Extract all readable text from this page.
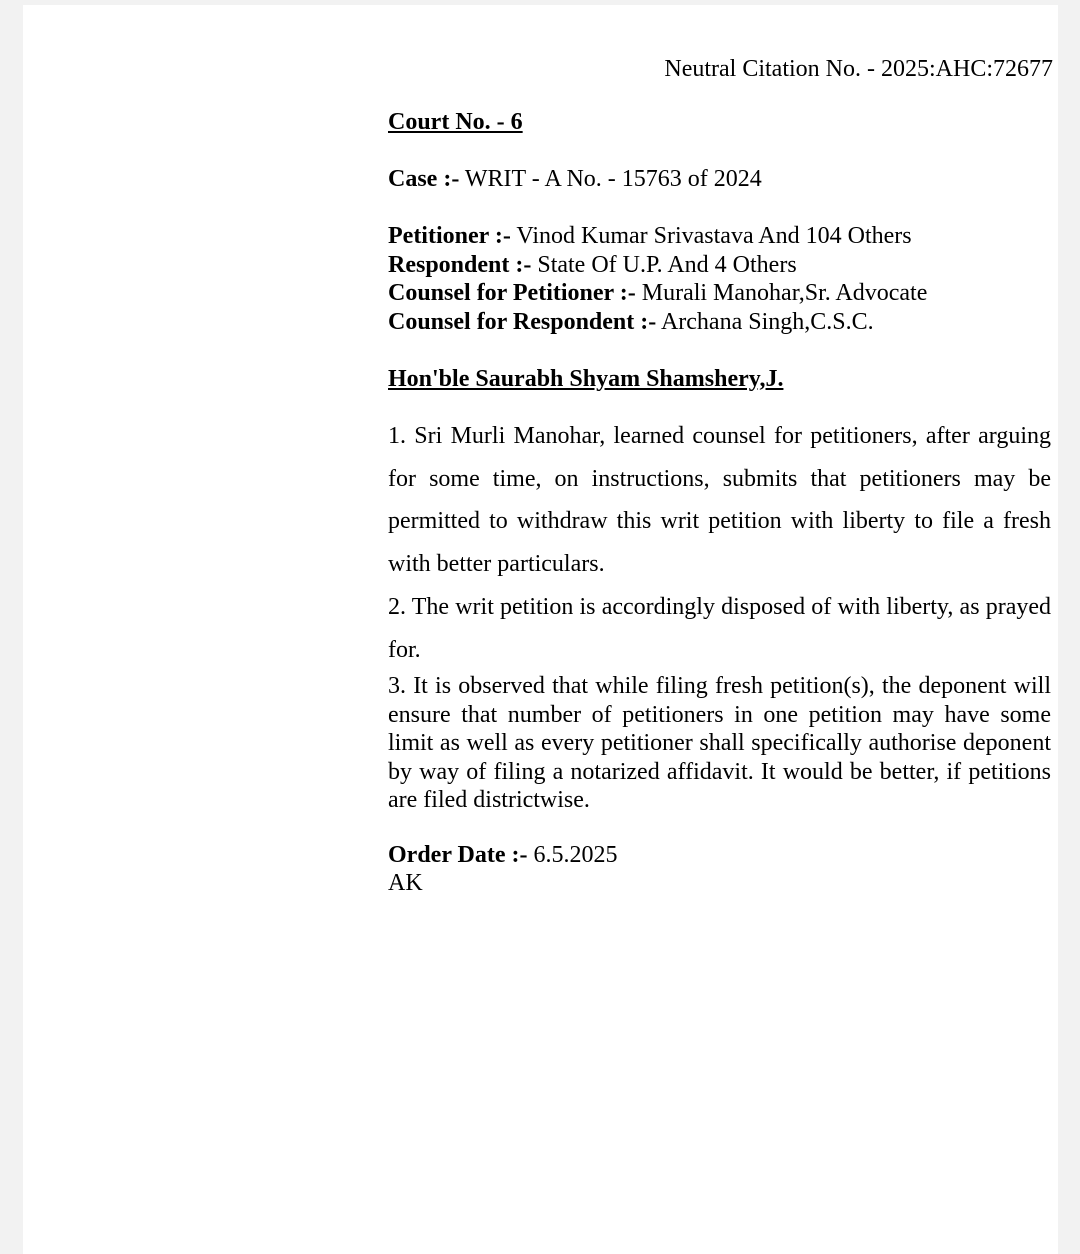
Neutral Citation No. - 2025:AHC:72677

Court No. - 6

Case :- WRIT - A No. - 15763 of 2024

Petitioner :- Vinod Kumar Srivastava And 104 Others
Respondent :- State Of U.P. And 4 Others
Counsel for Petitioner :- Murali Manohar,Sr. Advocate
Counsel for Respondent :- Archana Singh,C.S.C.

Hon'ble Saurabh Shyam Shamshery,J.

1. Sri Murli Manohar, learned counsel for petitioners, after arguing for some time, on instructions, submits that petitioners may be permitted to withdraw this writ petition with liberty to file a fresh with better particulars.

2. The writ petition is accordingly disposed of with liberty, as prayed for.

3. It is observed that while filing fresh petition(s), the deponent will ensure that number of petitioners in one petition may have some limit as well as every petitioner shall specifically authorise deponent by way of filing a notarized affidavit. It would be better, if petitions are filed districtwise.

Order Date :- 6.5.2025
AK
